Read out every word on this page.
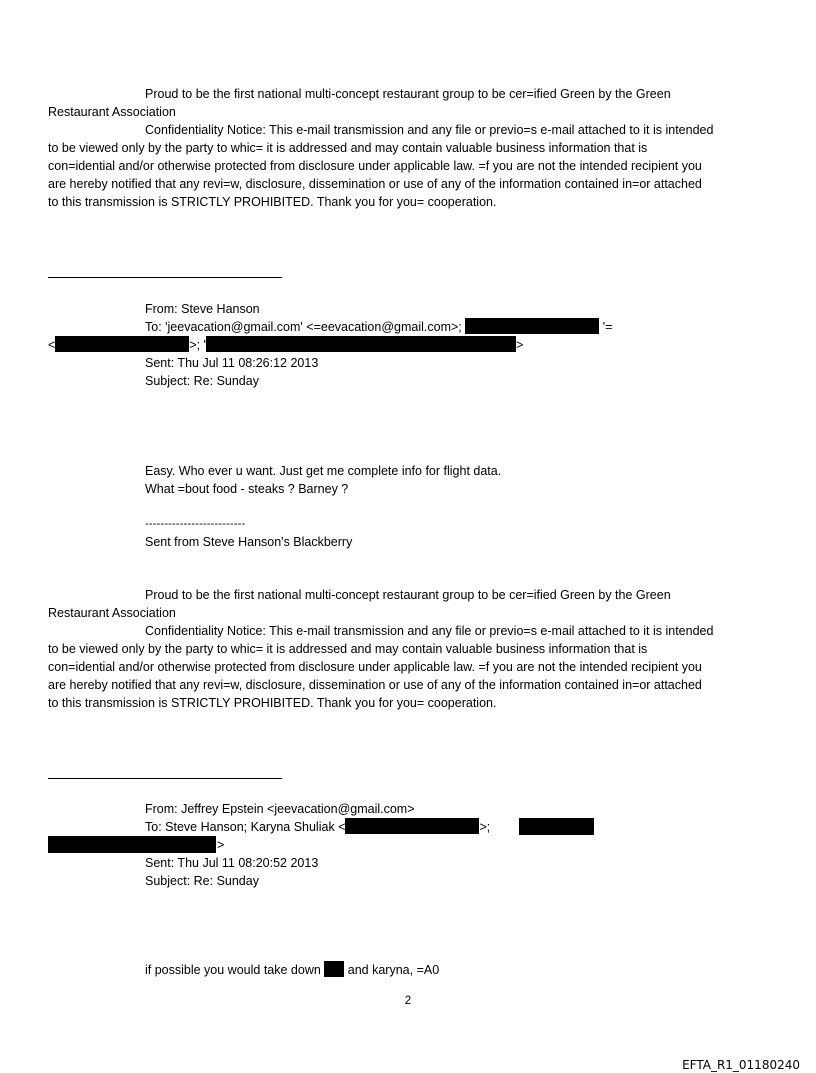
Proud to be the first national multi-concept restaurant group to be cer=ified Green by the Green
Restaurant Association
Confidentiality Notice: This e-mail transmission and any file or previo=s e-mail attached to it is intended
to be viewed only by the party to whic= it is addressed and may contain valuable business information that is
con=idential and/or otherwise protected from disclosure under applicable law. =f you are not the intended recipient you
are hereby notified that any revi=w, disclosure, dissemination or use of any of the information contained in=or attached
to this transmission is STRICTLY PROHIBITED. Thank you for you= cooperation.
From: Steve Hanson
To: 'jeevacation@gmail.com' <=eevacation@gmail.com>;	'=
<	>; '	>
Sent: Thu Jul 11 08:26:12 2013
Subject: Re: Sunday
Easy. Who ever u want. Just get me complete info for flight data.
What =bout food - steaks ? Barney ?
--------------------------
Sent from Steve Hanson's Blackberry
Proud to be the first national multi-concept restaurant group to be cer=ified Green by the Green
Restaurant Association
Confidentiality Notice: This e-mail transmission and any file or previo=s e-mail attached to it is intended
to be viewed only by the party to whic= it is addressed and may contain valuable business information that is
con=idential and/or otherwise protected from disclosure under applicable law. =f you are not the intended recipient you
are hereby notified that any revi=w, disclosure, dissemination or use of any of the information contained in=or attached
to this transmission is STRICTLY PROHIBITED. Thank you for you= cooperation.
From: Jeffrey Epstein <jeevacation@gmail.com>
To: Steve Hanson; Karyna Shuliak <	>;
>
Sent: Thu Jul 11 08:20:52 2013
Subject: Re: Sunday
if possible you would take down and karyna, =A0
2
EFTA_R1_01180240
